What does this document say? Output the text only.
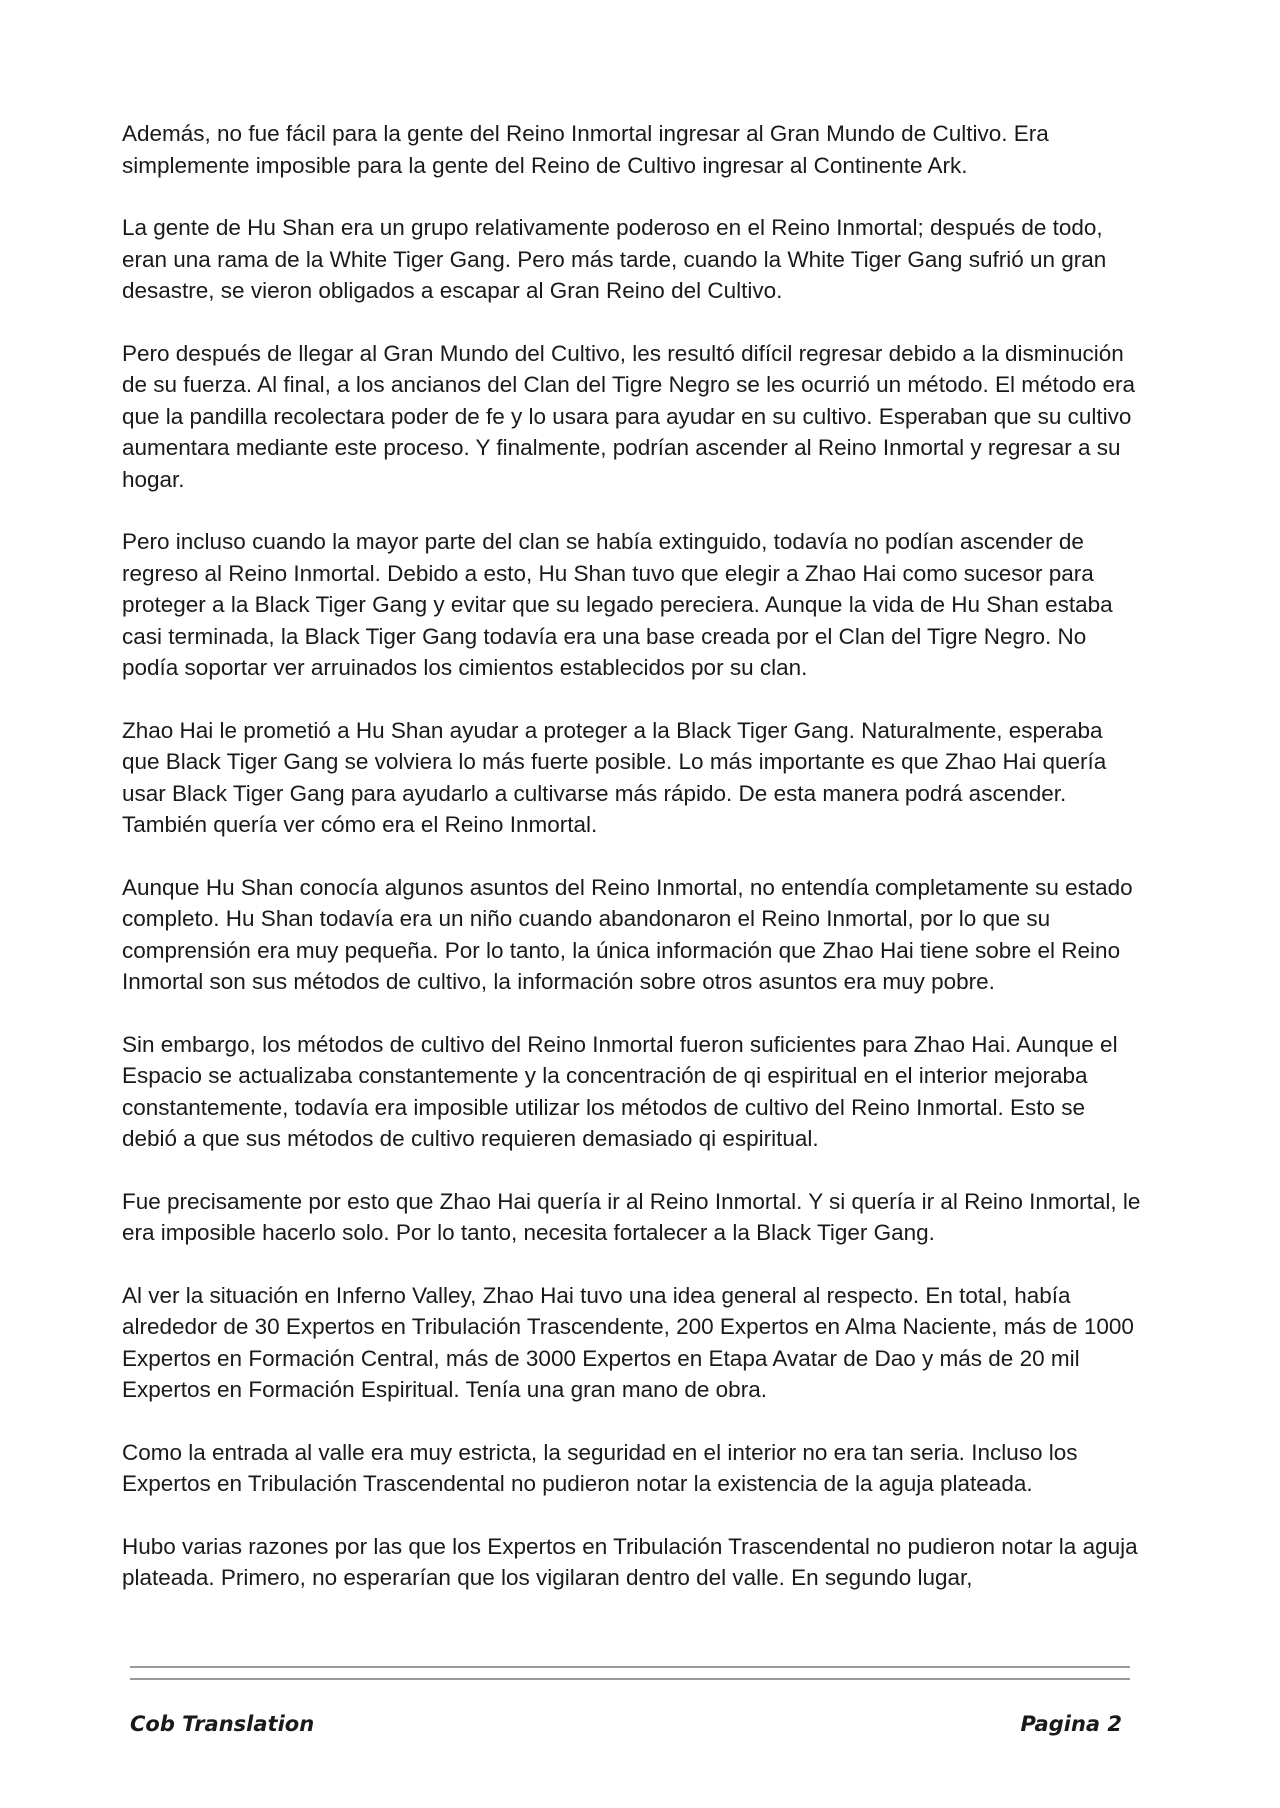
Además, no fue fácil para la gente del Reino Inmortal ingresar al Gran Mundo de Cultivo. Era simplemente imposible para la gente del Reino de Cultivo ingresar al Continente Ark.

La gente de Hu Shan era un grupo relativamente poderoso en el Reino Inmortal; después de todo, eran una rama de la White Tiger Gang. Pero más tarde, cuando la White Tiger Gang sufrió un gran desastre, se vieron obligados a escapar al Gran Reino del Cultivo.

Pero después de llegar al Gran Mundo del Cultivo, les resultó difícil regresar debido a la disminución de su fuerza. Al final, a los ancianos del Clan del Tigre Negro se les ocurrió un método. El método era que la pandilla recolectara poder de fe y lo usara para ayudar en su cultivo. Esperaban que su cultivo aumentara mediante este proceso. Y finalmente, podrían ascender al Reino Inmortal y regresar a su hogar.

Pero incluso cuando la mayor parte del clan se había extinguido, todavía no podían ascender de regreso al Reino Inmortal. Debido a esto, Hu Shan tuvo que elegir a Zhao Hai como sucesor para proteger a la Black Tiger Gang y evitar que su legado pereciera. Aunque la vida de Hu Shan estaba casi terminada, la Black Tiger Gang todavía era una base creada por el Clan del Tigre Negro. No podía soportar ver arruinados los cimientos establecidos por su clan.

Zhao Hai le prometió a Hu Shan ayudar a proteger a la Black Tiger Gang. Naturalmente, esperaba que Black Tiger Gang se volviera lo más fuerte posible. Lo más importante es que Zhao Hai quería usar Black Tiger Gang para ayudarlo a cultivarse más rápido. De esta manera podrá ascender. También quería ver cómo era el Reino Inmortal.

Aunque Hu Shan conocía algunos asuntos del Reino Inmortal, no entendía completamente su estado completo. Hu Shan todavía era un niño cuando abandonaron el Reino Inmortal, por lo que su comprensión era muy pequeña. Por lo tanto, la única información que Zhao Hai tiene sobre el Reino Inmortal son sus métodos de cultivo, la información sobre otros asuntos era muy pobre.

Sin embargo, los métodos de cultivo del Reino Inmortal fueron suficientes para Zhao Hai. Aunque el Espacio se actualizaba constantemente y la concentración de qi espiritual en el interior mejoraba constantemente, todavía era imposible utilizar los métodos de cultivo del Reino Inmortal. Esto se debió a que sus métodos de cultivo requieren demasiado qi espiritual.

Fue precisamente por esto que Zhao Hai quería ir al Reino Inmortal. Y si quería ir al Reino Inmortal, le era imposible hacerlo solo. Por lo tanto, necesita fortalecer a la Black Tiger Gang.

Al ver la situación en Inferno Valley, Zhao Hai tuvo una idea general al respecto. En total, había alrededor de 30 Expertos en Tribulación Trascendente, 200 Expertos en Alma Naciente, más de 1000 Expertos en Formación Central, más de 3000 Expertos en Etapa Avatar de Dao y más de 20 mil Expertos en Formación Espiritual. Tenía una gran mano de obra.

Como la entrada al valle era muy estricta, la seguridad en el interior no era tan seria. Incluso los Expertos en Tribulación Trascendental no pudieron notar la existencia de la aguja plateada.

Hubo varias razones por las que los Expertos en Tribulación Trascendental no pudieron notar la aguja plateada. Primero, no esperarían que los vigilaran dentro del valle. En segundo lugar,

Cob Translation	Pagina 2
